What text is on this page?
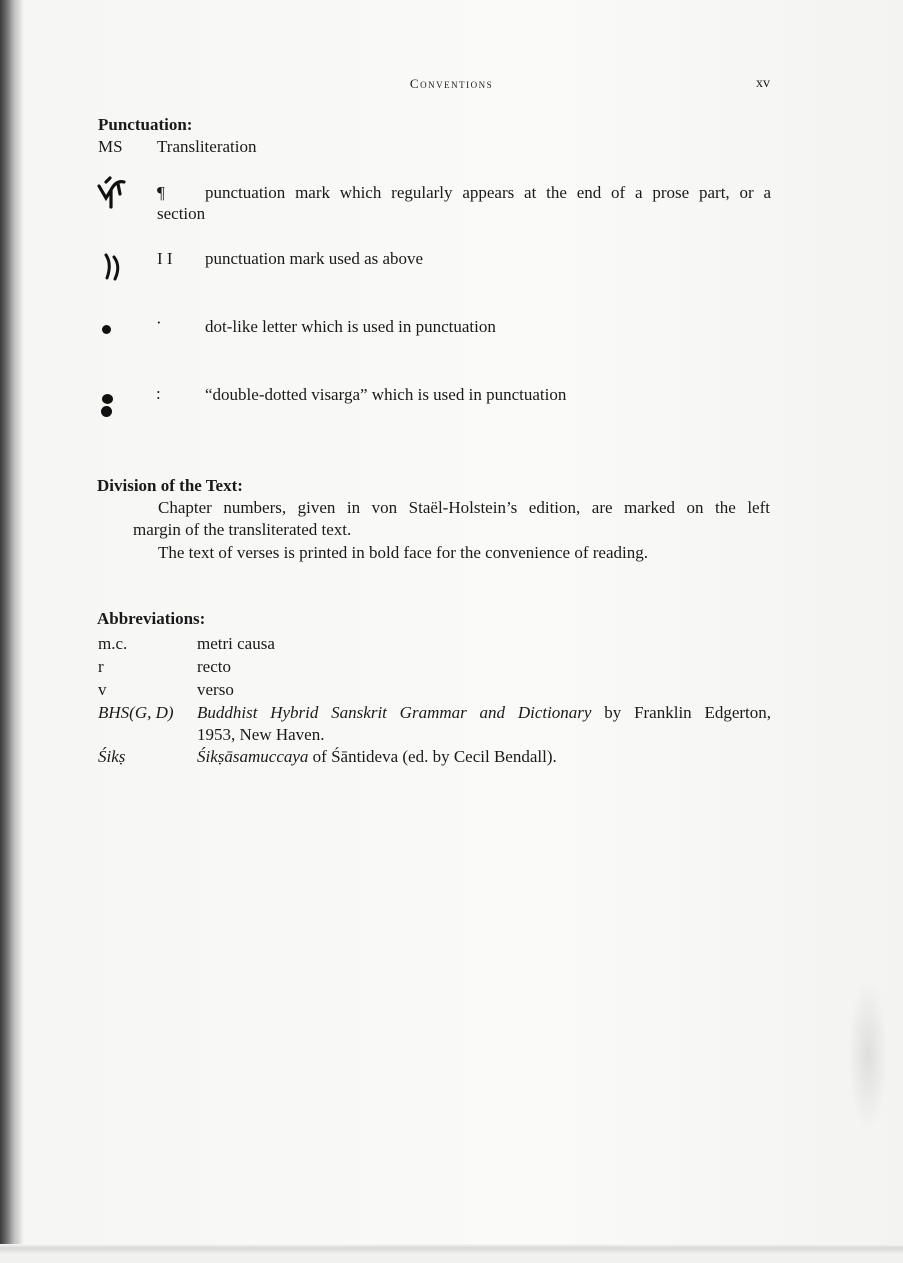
Conventions	xv
Punctuation:
MS Transliteration
¶ punctuation mark which regularly appears at the end of a prose part, or a
section
I I punctuation mark used as above
·	dot-like letter which is used in punctuation
:	“double-dotted visarga” which is used in punctuation
Division of the Text:
Chapter numbers, given in von Staël-Holstein’s edition, are marked on the left
margin of the transliterated text.
The text of verses is printed in bold face for the convenience of reading.
Abbreviations:
m.c.	metri causa
r	recto
v	verso
BHS(G, D) Buddhist Hybrid Sanskrit Grammar and Dictionary by Franklin Edgerton,
1953, New Haven.
Śikṣ	Śikṣāsamuccaya of Śāntideva (ed. by Cecil Bendall).
